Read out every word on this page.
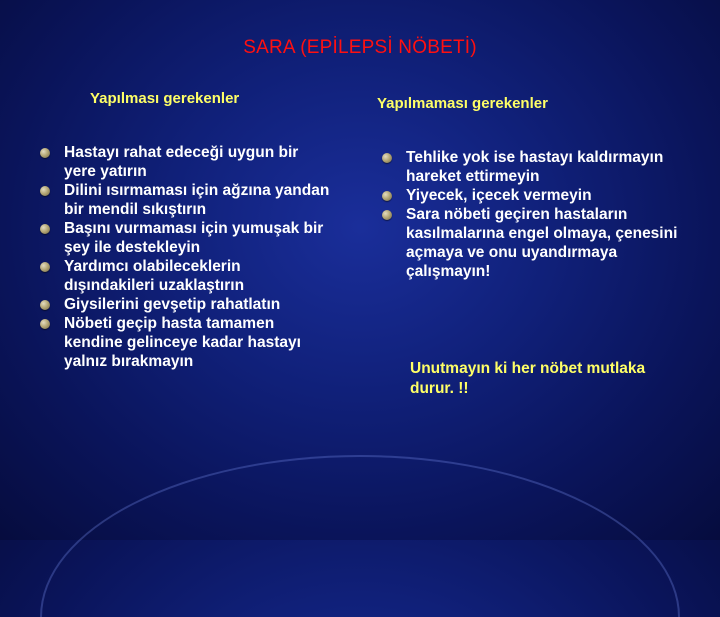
SARA (EPİLEPSİ NÖBETİ)
Yapılması gerekenler	Yapılmaması gerekenler
Hastayı rahat edeceği uygun bir yere yatırın
Dilini ısırmaması için ağzına yandan bir mendil sıkıştırın
Başını vurmaması için yumuşak bir şey ile destekleyin
Yardımcı olabileceklerin dışındakileri uzaklaştırın
Giysilerini gevşetip rahatlatın
Nöbeti geçip hasta tamamen kendine gelinceye kadar hastayı yalnız bırakmayın
Tehlike yok ise hastayı kaldırmayın hareket ettirmeyin
Yiyecek, içecek vermeyin
Sara nöbeti geçiren hastaların kasılmalarına engel olmaya, çenesini açmaya ve onu uyandırmaya çalışmayın!
Unutmayın ki her nöbet mutlaka durur. !!
